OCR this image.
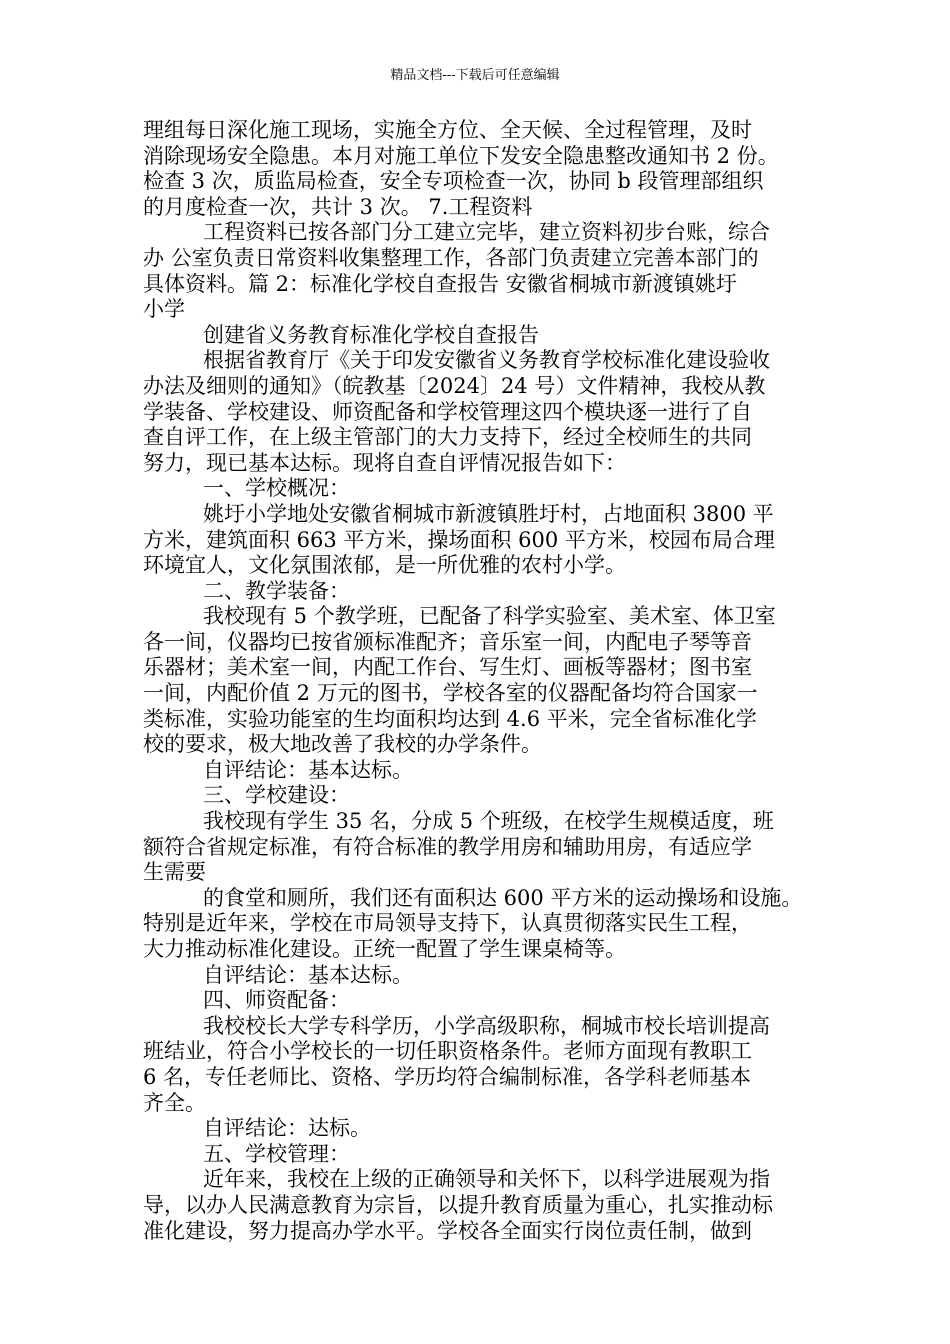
精品文档---下载后可任意编辑
理组每日深化施工现场，实施全方位、全天候、全过程管理，及时
消除现场安全隐患。本月对施工单位下发安全隐患整改通知书 2 份。
检查 3 次，质监局检查，安全专项检查一次，协同 b 段管理部组织
的月度检查一次，共计 3 次。 7.工程资料
工程资料已按各部门分工建立完毕，建立资料初步台账，综合
办 公室负责日常资料收集整理工作，各部门负责建立完善本部门的
具体资料。篇 2：标准化学校自查报告 安徽省桐城市新渡镇姚圩
小学
创建省义务教育标准化学校自查报告
根据省教育厅《关于印发安徽省义务教育学校标准化建设验收
办法及细则的通知》（皖教基〔2024〕24 号）文件精神，我校从教
学装备、学校建设、师资配备和学校管理这四个模块逐一进行了自
查自评工作，在上级主管部门的大力支持下，经过全校师生的共同
努力，现已基本达标。现将自查自评情况报告如下：
一、学校概况：
姚圩小学地处安徽省桐城市新渡镇胜圩村，占地面积 3800 平
方米，建筑面积 663 平方米，操场面积 600 平方米，校园布局合理
环境宜人，文化氛围浓郁，是一所优雅的农村小学。
二、教学装备：
我校现有 5 个教学班，已配备了科学实验室、美术室、体卫室
各一间，仪器均已按省颁标准配齐；音乐室一间，内配电子琴等音
乐器材；美术室一间，内配工作台、写生灯、画板等器材；图书室
一间，内配价值 2 万元的图书，学校各室的仪器配备均符合国家一
类标准，实验功能室的生均面积均达到 4.6 平米，完全省标准化学
校的要求，极大地改善了我校的办学条件。
自评结论：基本达标。
三、学校建设：
我校现有学生 35 名，分成 5 个班级，在校学生规模适度，班
额符合省规定标准，有符合标准的教学用房和辅助用房，有适应学
生需要
的食堂和厕所，我们还有面积达 600 平方米的运动操场和设施。
特别是近年来，学校在市局领导支持下，认真贯彻落实民生工程，
大力推动标准化建设。正统一配置了学生课桌椅等。
自评结论：基本达标。
四、师资配备：
我校校长大学专科学历，小学高级职称，桐城市校长培训提高
班结业，符合小学校长的一切任职资格条件。老师方面现有教职工
6 名，专任老师比、资格、学历均符合编制标准，各学科老师基本
齐全。
自评结论：达标。
五、学校管理：
近年来，我校在上级的正确领导和关怀下，以科学进展观为指
导，以办人民满意教育为宗旨，以提升教育质量为重心，扎实推动标
准化建设，努力提高办学水平。学校各全面实行岗位责任制，做到
